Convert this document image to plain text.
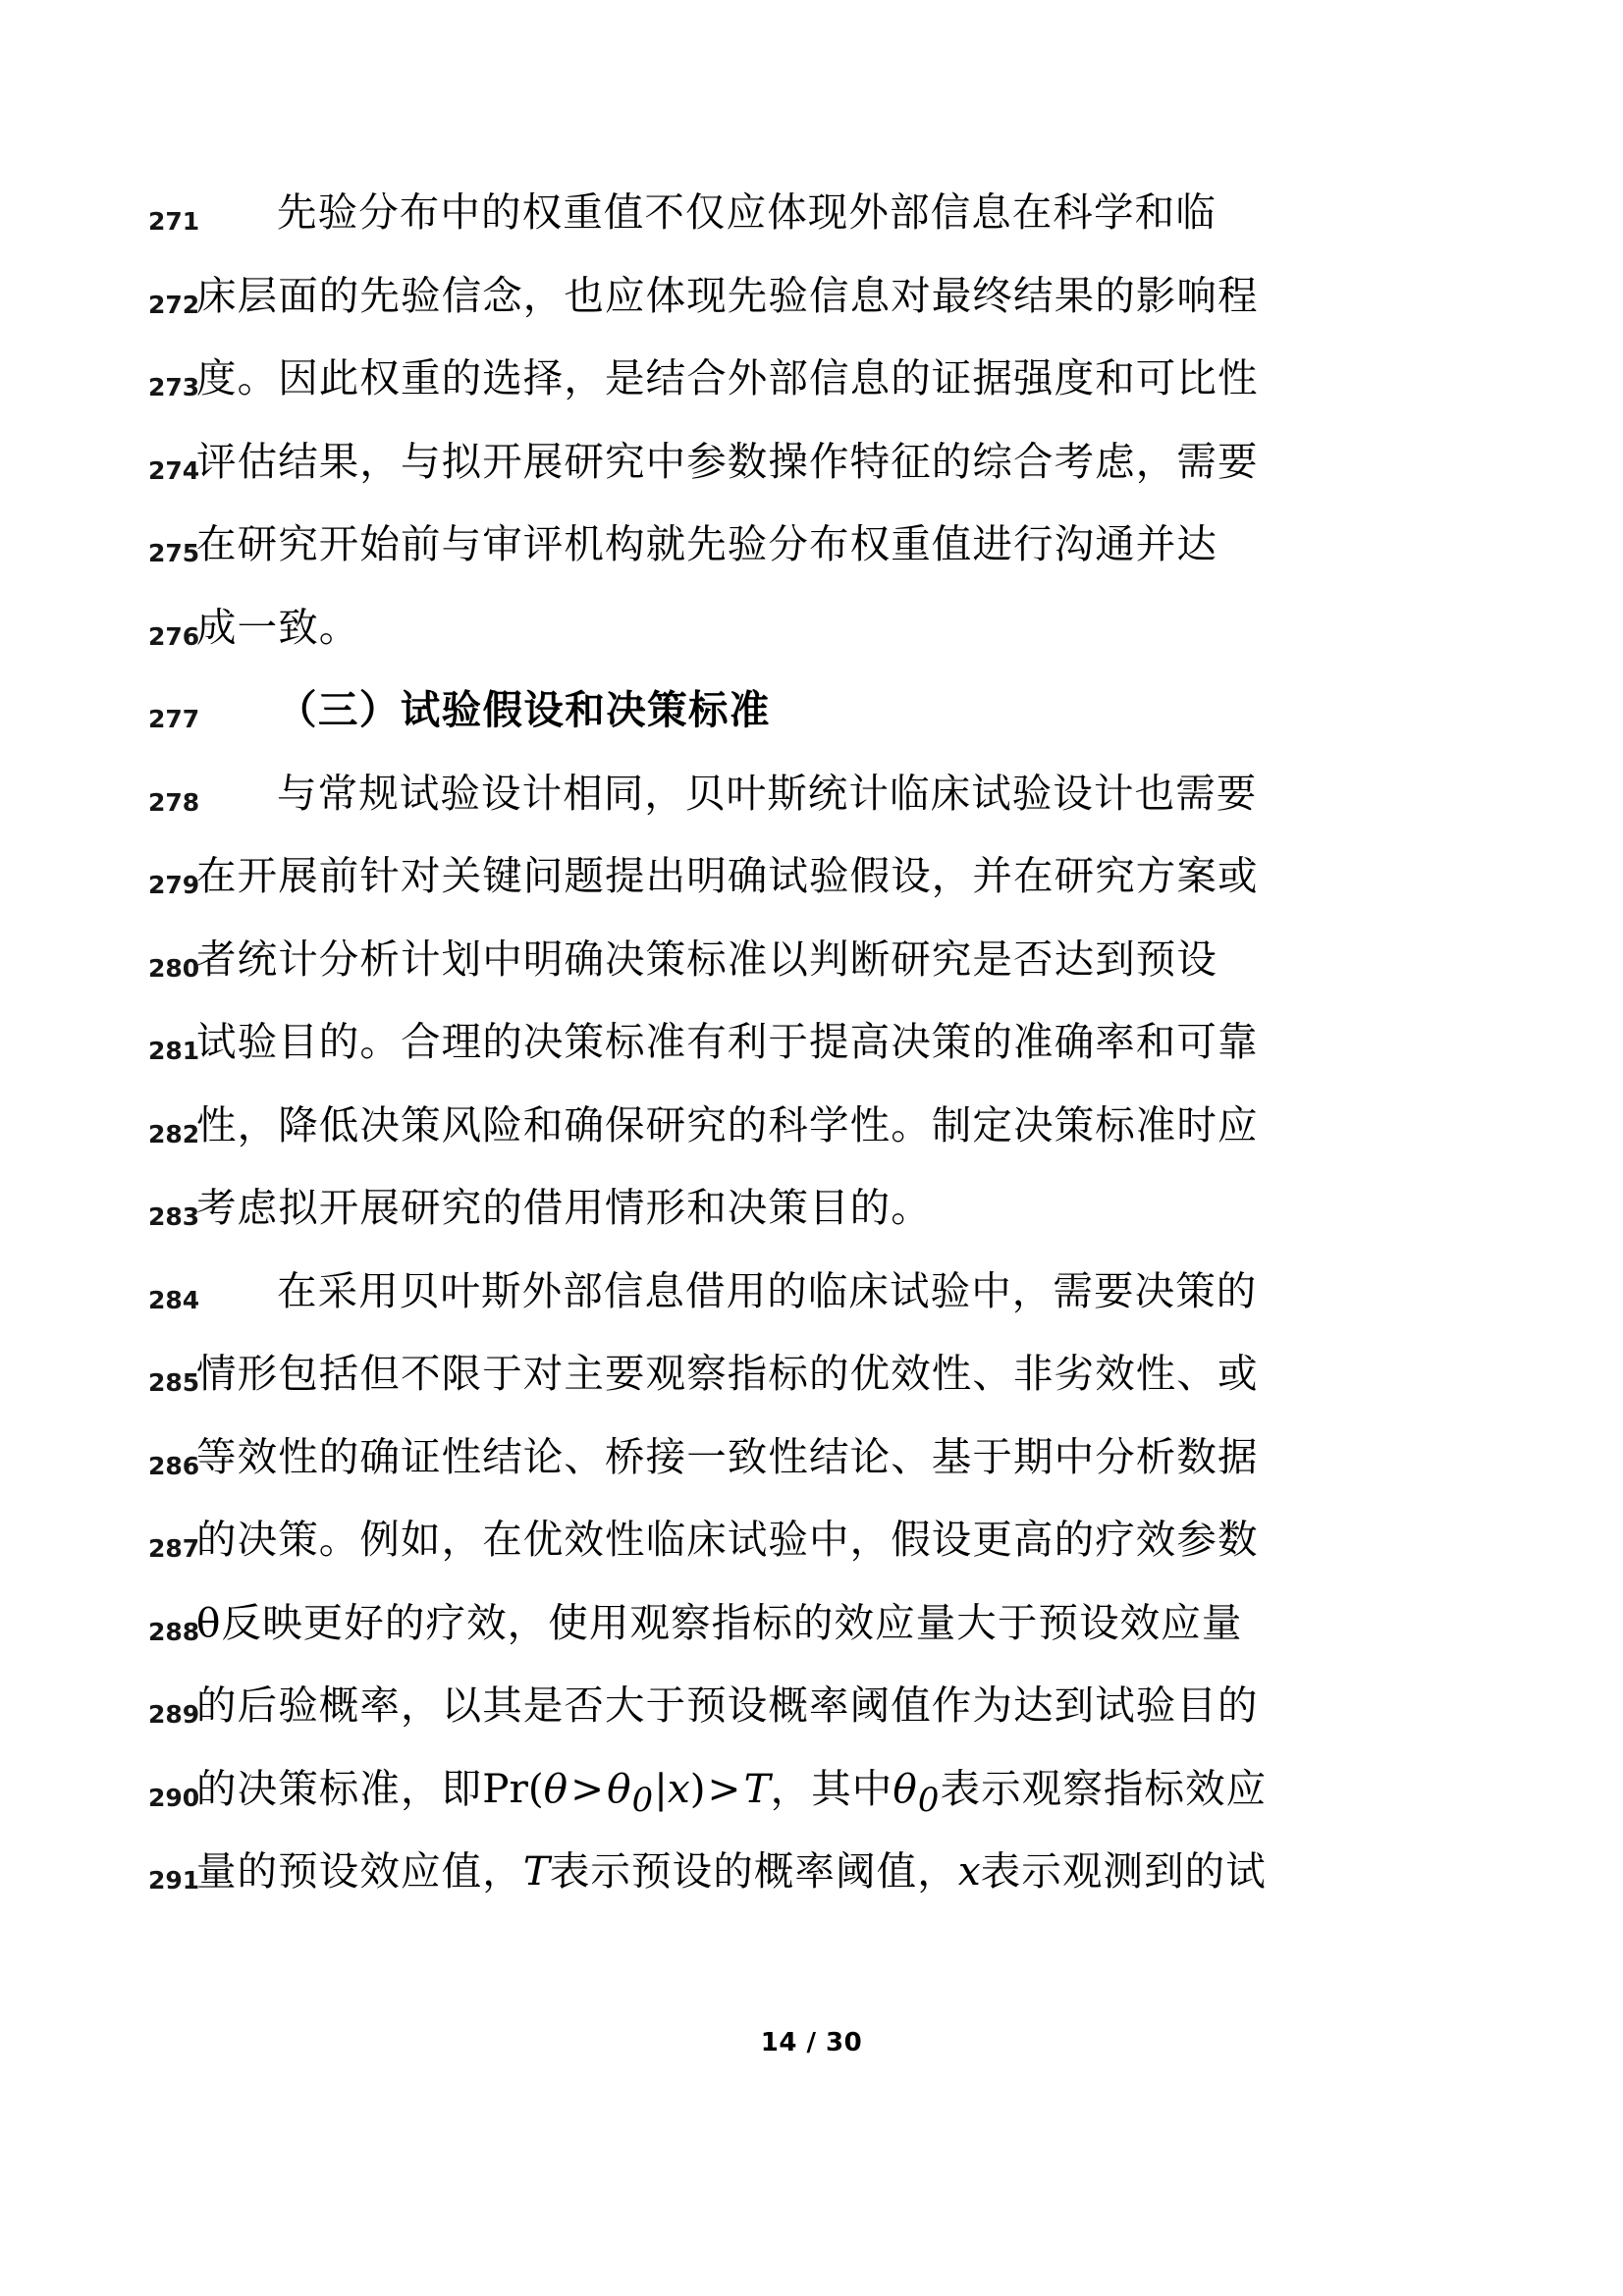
271	先验分布中的权重值不仅应体现外部信息在科学和临
272
床层面的先验信念，也应体现先验信息对最终结果的影响程
273
度。因此权重的选择，是结合外部信息的证据强度和可比性
274
评估结果，与拟开展研究中参数操作特征的综合考虑，需要
275
在研究开始前与审评机构就先验分布权重值进行沟通并达
276
成一致。
277	（三）试验假设和决策标准
278	与常规试验设计相同，贝叶斯统计临床试验设计也需要
279
在开展前针对关键问题提出明确试验假设，并在研究方案或
280
者统计分析计划中明确决策标准以判断研究是否达到预设
281
试验目的。合理的决策标准有利于提高决策的准确率和可靠
282
性，降低决策风险和确保研究的科学性。制定决策标准时应
283
考虑拟开展研究的借用情形和决策目的。
284	在采用贝叶斯外部信息借用的临床试验中，需要决策的
285
情形包括但不限于对主要观察指标的优效性、非劣效性、或
286
等效性的确证性结论、桥接一致性结论、基于期中分析数据
287
的决策。例如，在优效性临床试验中，假设更高的疗效参数
288
θ反映更好的疗效，使用观察指标的效应量大于预设效应量
289
的后验概率，以其是否大于预设概率阈值作为达到试验目的
290
的决策标准，即$Pr(\theta>\theta_0|x)>T$，其中$\theta_0$表示观察指标效应
291
量的预设效应值，T表示预设的概率阈值，x表示观测到的试
14 / 30
